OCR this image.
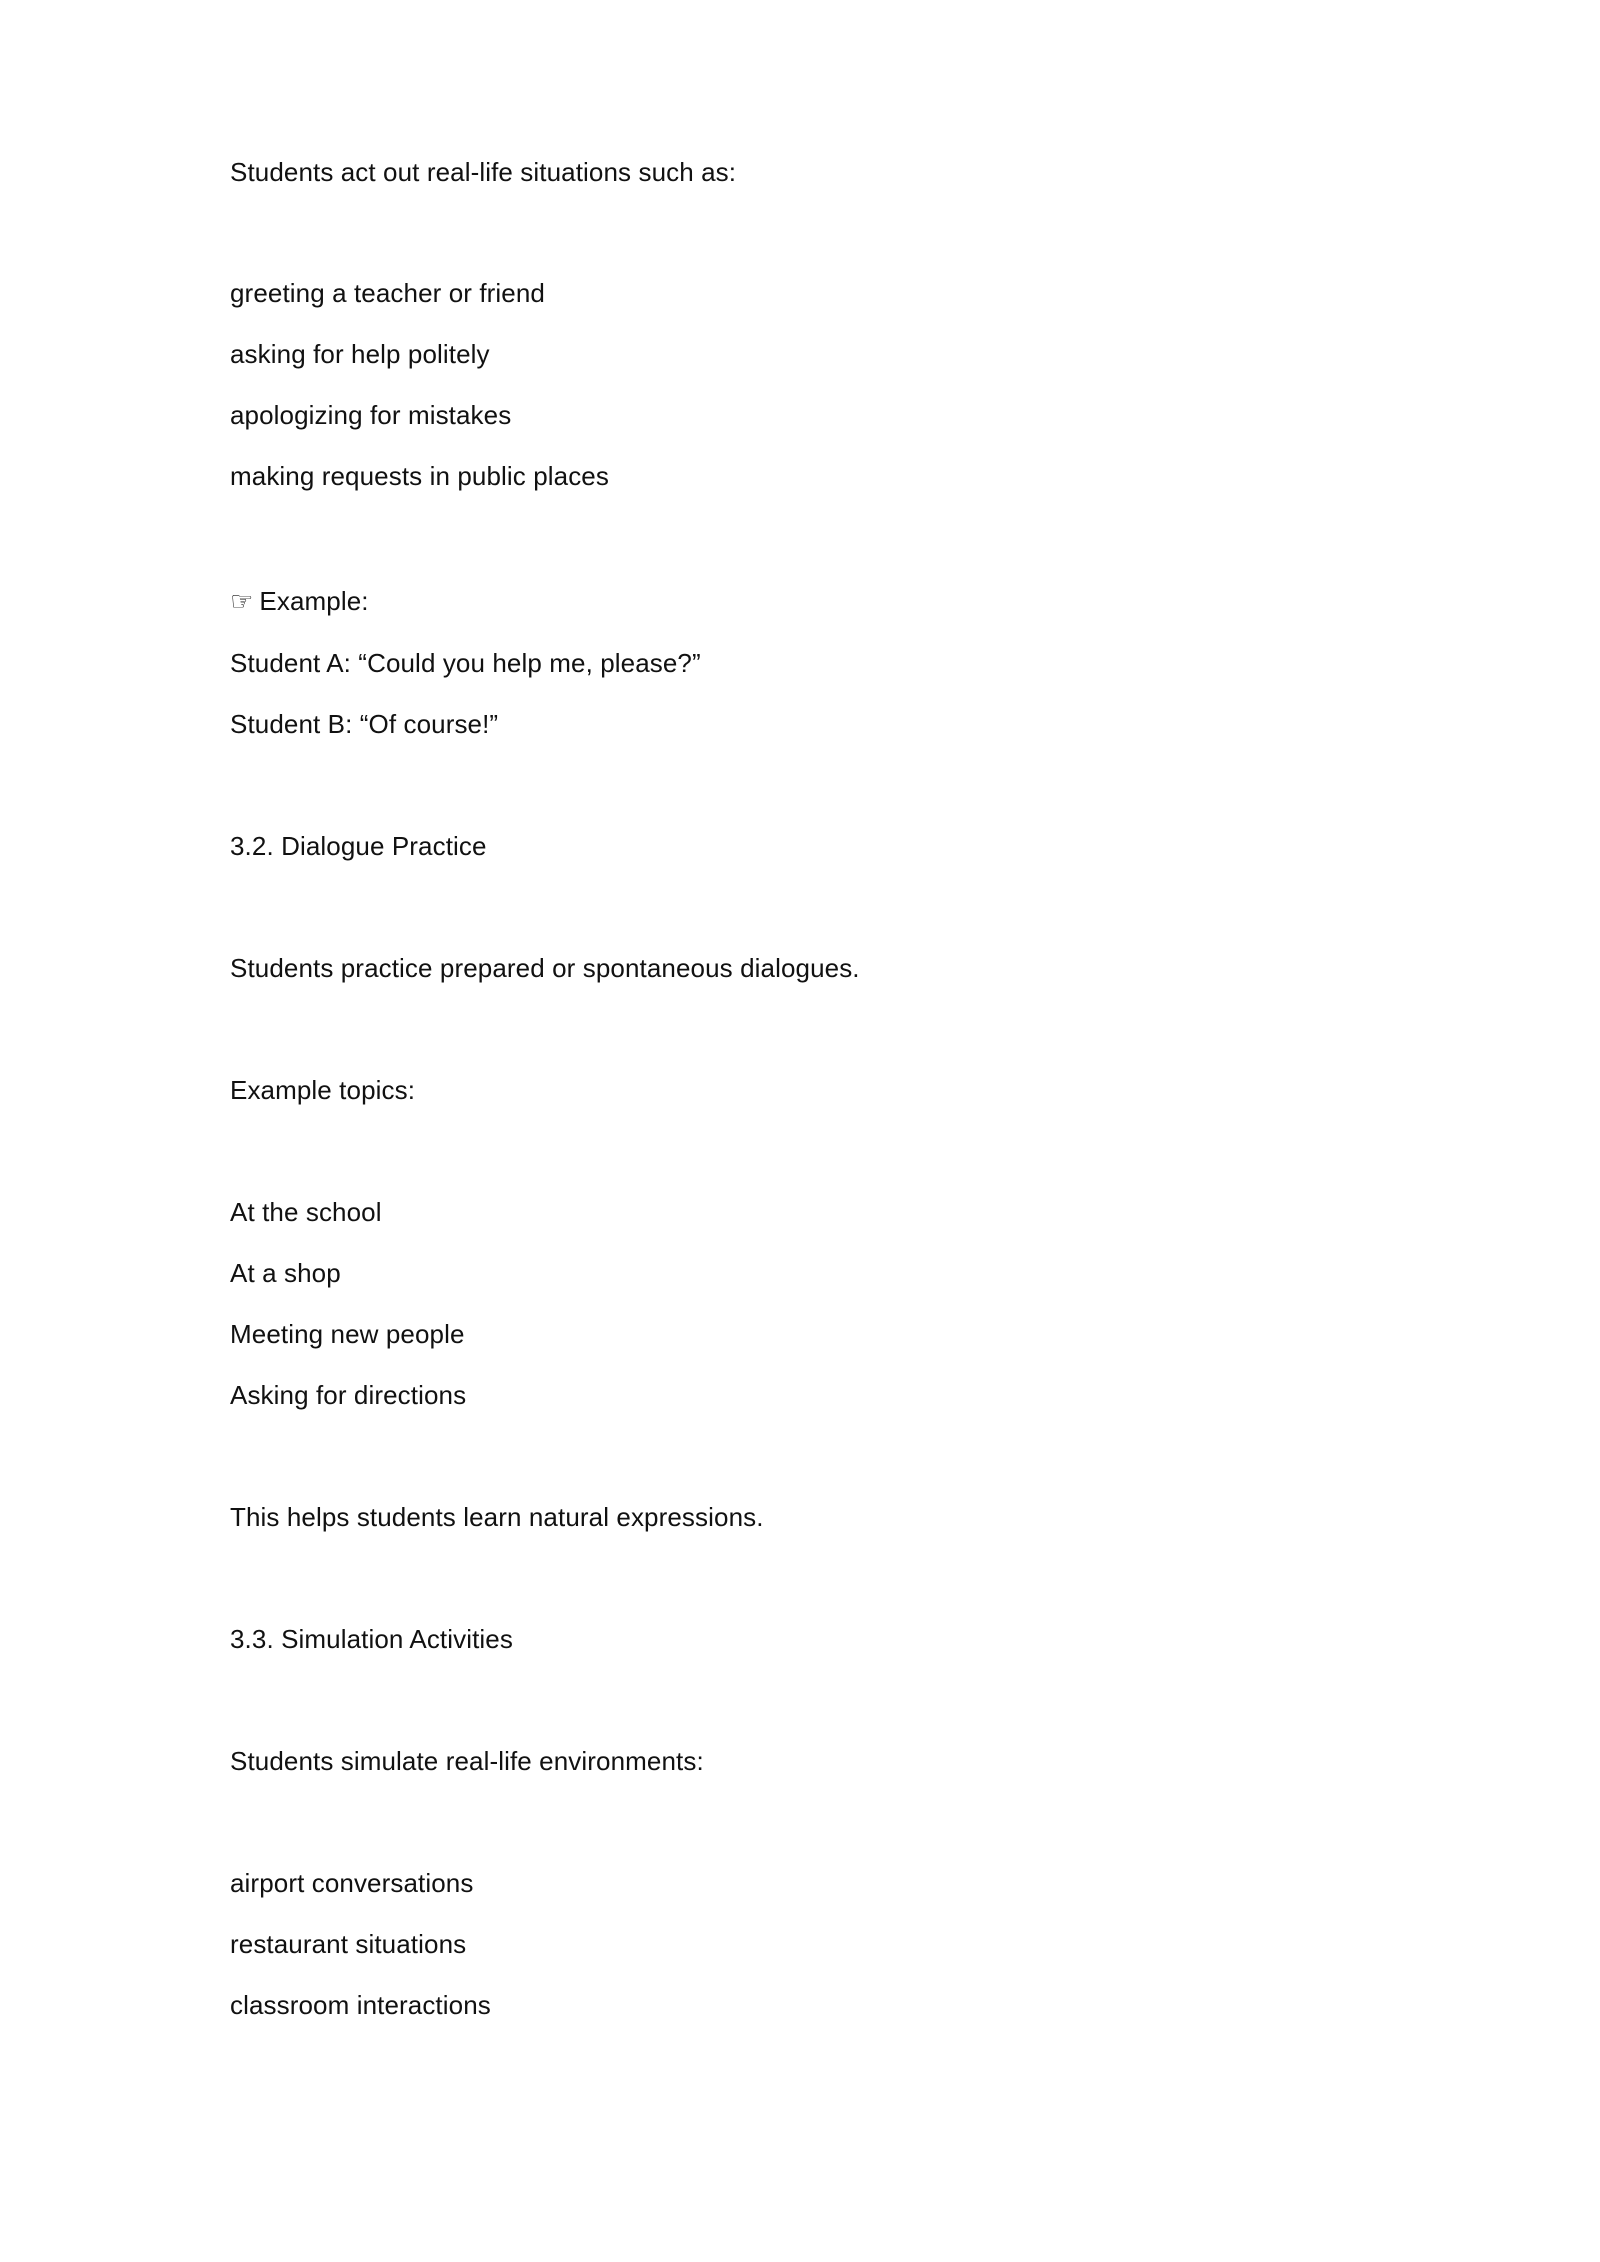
Students act out real-life situations such as:
greeting a teacher or friend
asking for help politely
apologizing for mistakes
making requests in public places
☞ Example:
Student A: “Could you help me, please?”
Student B: “Of course!”
3.2. Dialogue Practice
Students practice prepared or spontaneous dialogues.
Example topics:
At the school
At a shop
Meeting new people
Asking for directions
This helps students learn natural expressions.
3.3. Simulation Activities
Students simulate real-life environments:
airport conversations
restaurant situations
classroom interactions
